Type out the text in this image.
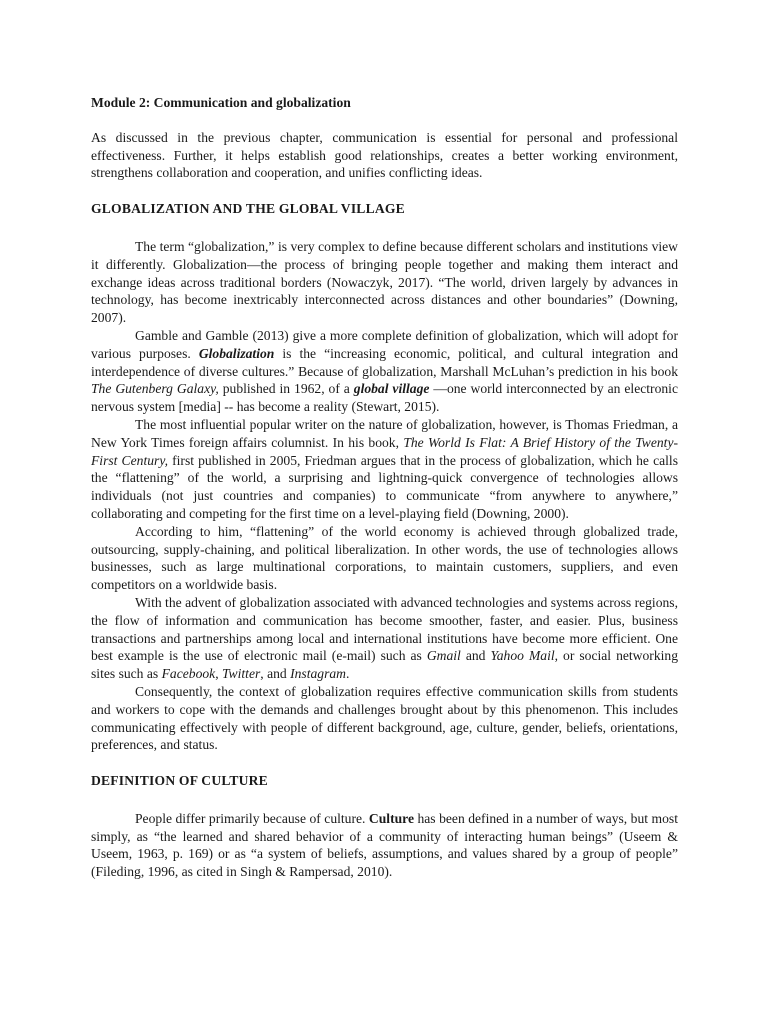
Module 2: Communication and globalization

As discussed in the previous chapter, communication is essential for personal and professional effectiveness. Further, it helps establish good relationships, creates a better working environment, strengthens collaboration and cooperation, and unifies conflicting ideas.

GLOBALIZATION AND THE GLOBAL VILLAGE

The term “globalization,” is very complex to define because different scholars and institutions view it differently. Globalization—the process of bringing people together and making them interact and exchange ideas across traditional borders (Nowaczyk, 2017). “The world, driven largely by advances in technology, has become inextricably interconnected across distances and other boundaries” (Downing, 2007).

Gamble and Gamble (2013) give a more complete definition of globalization, which will adopt for various purposes. Globalization is the “increasing economic, political, and cultural integration and interdependence of diverse cultures.” Because of globalization, Marshall McLuhan’s prediction in his book The Gutenberg Galaxy, published in 1962, of a global village —one world interconnected by an electronic nervous system [media] -- has become a reality (Stewart, 2015).

The most influential popular writer on the nature of globalization, however, is Thomas Friedman, a New York Times foreign affairs columnist. In his book, The World Is Flat: A Brief History of the Twenty-First Century, first published in 2005, Friedman argues that in the process of globalization, which he calls the “flattening” of the world, a surprising and lightning-quick convergence of technologies allows individuals (not just countries and companies) to communicate “from anywhere to anywhere,” collaborating and competing for the first time on a level-playing field (Downing, 2000).

According to him, “flattening” of the world economy is achieved through globalized trade, outsourcing, supply-chaining, and political liberalization. In other words, the use of technologies allows businesses, such as large multinational corporations, to maintain customers, suppliers, and even competitors on a worldwide basis.

With the advent of globalization associated with advanced technologies and systems across regions, the flow of information and communication has become smoother, faster, and easier. Plus, business transactions and partnerships among local and international institutions have become more efficient. One best example is the use of electronic mail (e-mail) such as Gmail and Yahoo Mail, or social networking sites such as Facebook, Twitter, and Instagram.

Consequently, the context of globalization requires effective communication skills from students and workers to cope with the demands and challenges brought about by this phenomenon. This includes communicating effectively with people of different background, age, culture, gender, beliefs, orientations, preferences, and status.

DEFINITION OF CULTURE

People differ primarily because of culture. Culture has been defined in a number of ways, but most simply, as “the learned and shared behavior of a community of interacting human beings” (Useem & Useem, 1963, p. 169) or as “a system of beliefs, assumptions, and values shared by a group of people” (Fileding, 1996, as cited in Singh & Rampersad, 2010).
